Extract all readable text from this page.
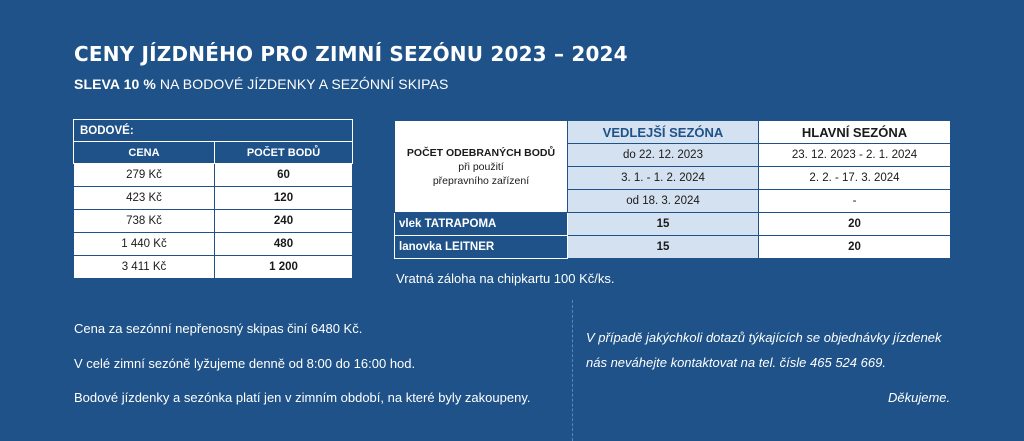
CENY JÍZDNÉHO PRO ZIMNÍ SEZÓNU 2023 – 2024
SLEVA 10 % NA BODOVÉ JÍZDENKY A SEZÓNNÍ SKIPAS
BODOVÉ:	
CENA	POČET BODŮ
279 Kč	60
423 Kč	120
738 Kč	240
1 440 Kč	480
3 411 Kč	1 200
POČET ODEBRANÝCH BODŮ
při použití
přepravního zařízení	VEDLEJŠÍ SEZÓNA	HLAVNÍ SEZÓNA
	do 22. 12. 2023	23. 12. 2023 - 2. 1. 2024
	3. 1. - 1. 2. 2024	2. 2. - 17. 3. 2024
	od 18. 3. 2024	-
vlek TATRAPOMA	15	20
lanovka LEITNER	15	20
Vratná záloha na chipkartu 100 Kč/ks.
Cena za sezónní nepřenosný skipas činí 6480 Kč.
V celé zimní sezóně lyžujeme denně od 8:00 do 16:00 hod.
Bodové jízdenky a sezónka platí jen v zimním období, na které byly zakoupeny.
V případě jakýchkoli dotazů týkajících se objednávky jízdenek
nás neváhejte kontaktovat na tel. čísle 465 524 669.
Děkujeme.
